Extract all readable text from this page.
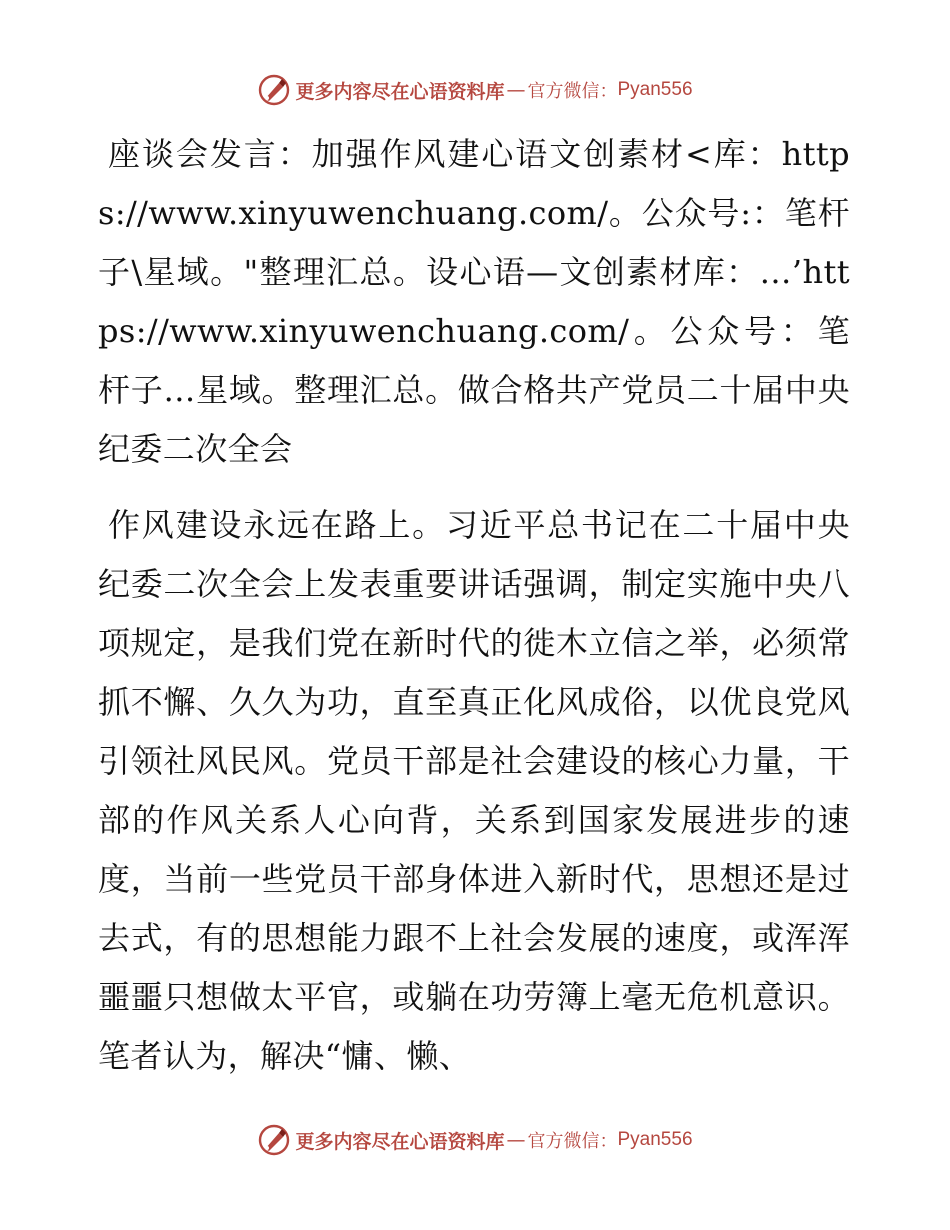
更多内容尽在心语资料库 — 官方微信： Pyan556

座谈会发言：加强作风建心语文创素材<库：https://www.xinyuwenchuang.com/。公众号:：笔杆子\星域。"整理汇总。设心语—文创素材库：…’https://www.xinyuwenchuang.com/。公众号：笔杆子…星域。整理汇总。做合格共产党员二十届中央纪委二次全会

作风建设永远在路上。习近平总书记在二十届中央纪委二次全会上发表重要讲话强调，制定实施中央八项规定，是我们党在新时代的徙木立信之举，必须常抓不懈、久久为功，直至真正化风成俗，以优良党风引领社风民风。党员干部是社会建设的核心力量，干部的作风关系人心向背，关系到国家发展进步的速度，当前一些党员干部身体进入新时代，思想还是过去式，有的思想能力跟不上社会发展的速度，或浑浑噩噩只想做太平官，或躺在功劳簿上毫无危机意识。笔者认为，解决“慵、懒、

更多内容尽在心语资料库 — 官方微信： Pyan556
